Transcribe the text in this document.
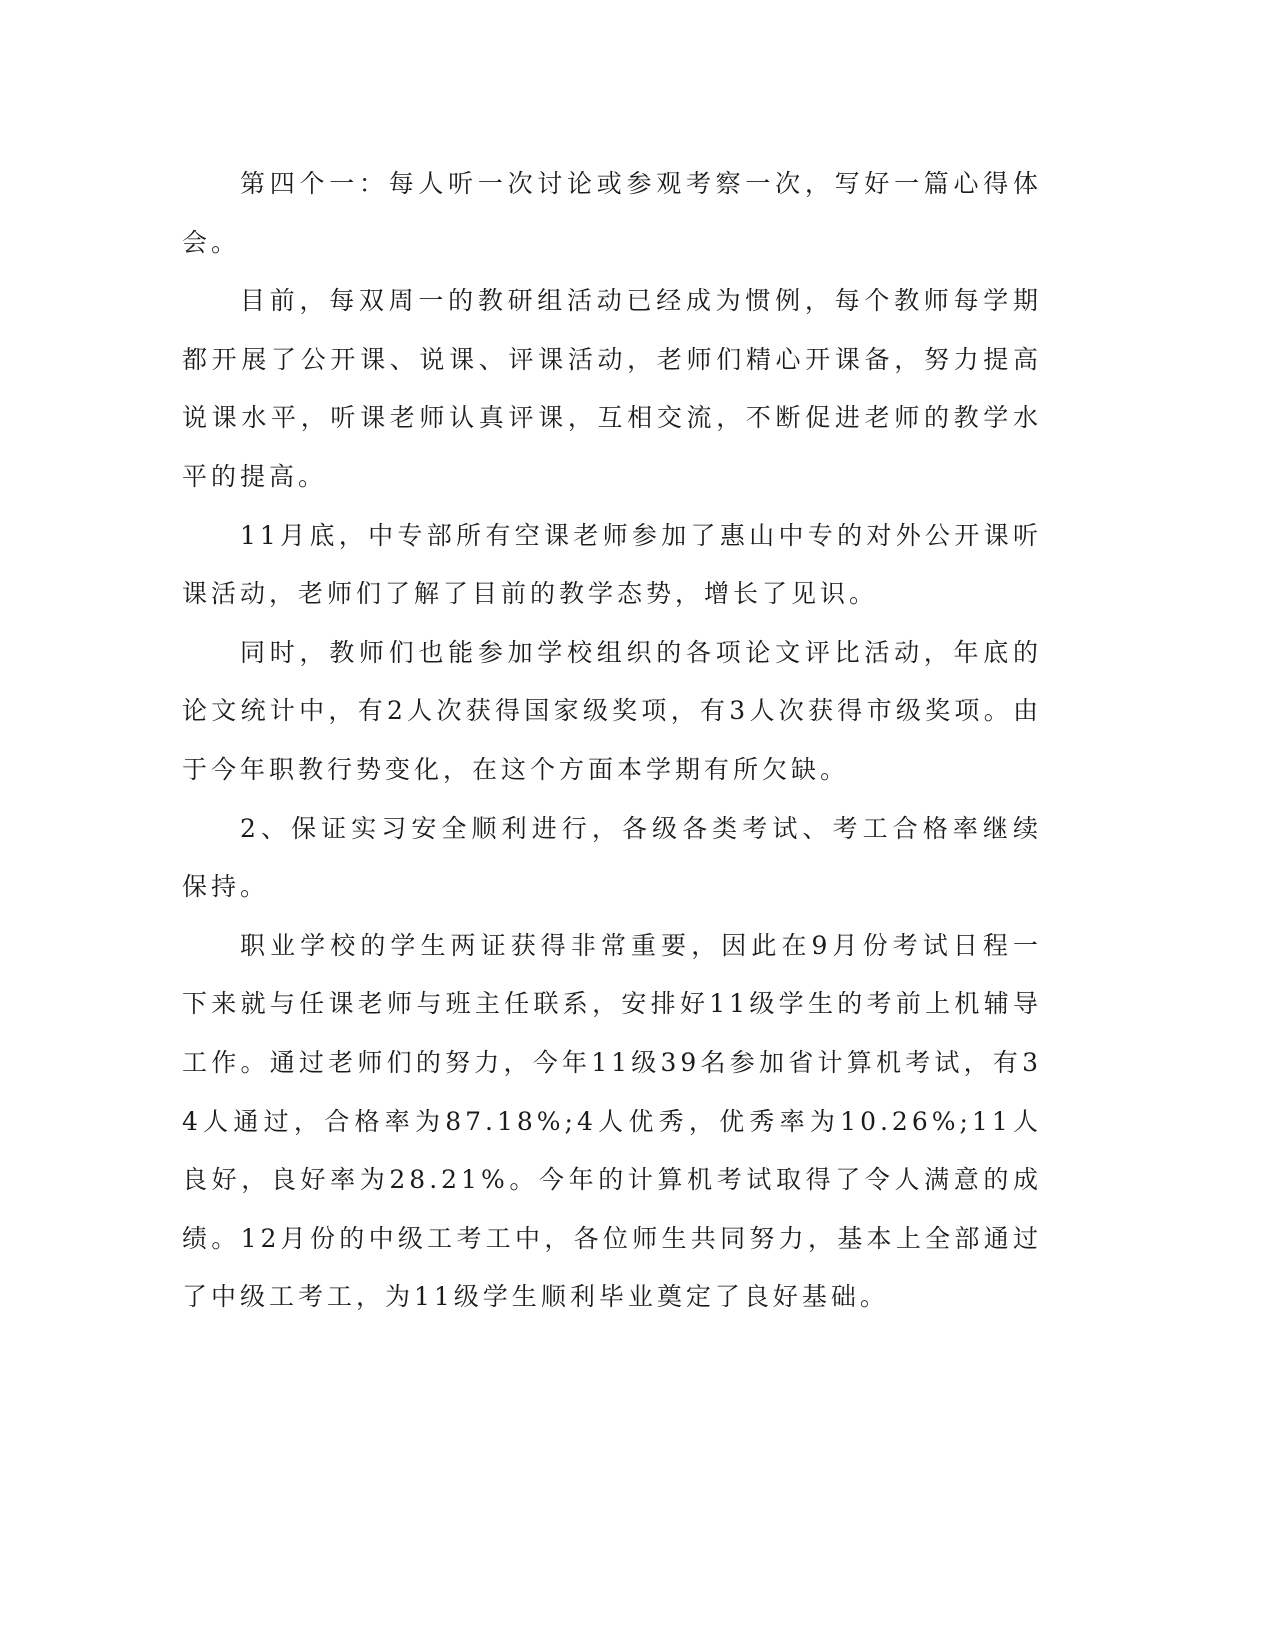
第四个一：每人听一次讨论或参观考察一次，写好一篇心得体会。

目前，每双周一的教研组活动已经成为惯例，每个教师每学期都开展了公开课、说课、评课活动，老师们精心开课备，努力提高说课水平，听课老师认真评课，互相交流，不断促进老师的教学水平的提高。

11月底，中专部所有空课老师参加了惠山中专的对外公开课听课活动，老师们了解了目前的教学态势，增长了见识。

同时，教师们也能参加学校组织的各项论文评比活动，年底的论文统计中，有2人次获得国家级奖项，有3人次获得市级奖项。由于今年职教行势变化，在这个方面本学期有所欠缺。

2、保证实习安全顺利进行，各级各类考试、考工合格率继续保持。

职业学校的学生两证获得非常重要，因此在9月份考试日程一下来就与任课老师与班主任联系，安排好11级学生的考前上机辅导工作。通过老师们的努力，今年11级39名参加省计算机考试，有34人通过，合格率为87.18%;4人优秀，优秀率为10.26%;11人良好，良好率为28.21%。今年的计算机考试取得了令人满意的成绩。12月份的中级工考工中，各位师生共同努力，基本上全部通过了中级工考工，为11级学生顺利毕业奠定了良好基础。
